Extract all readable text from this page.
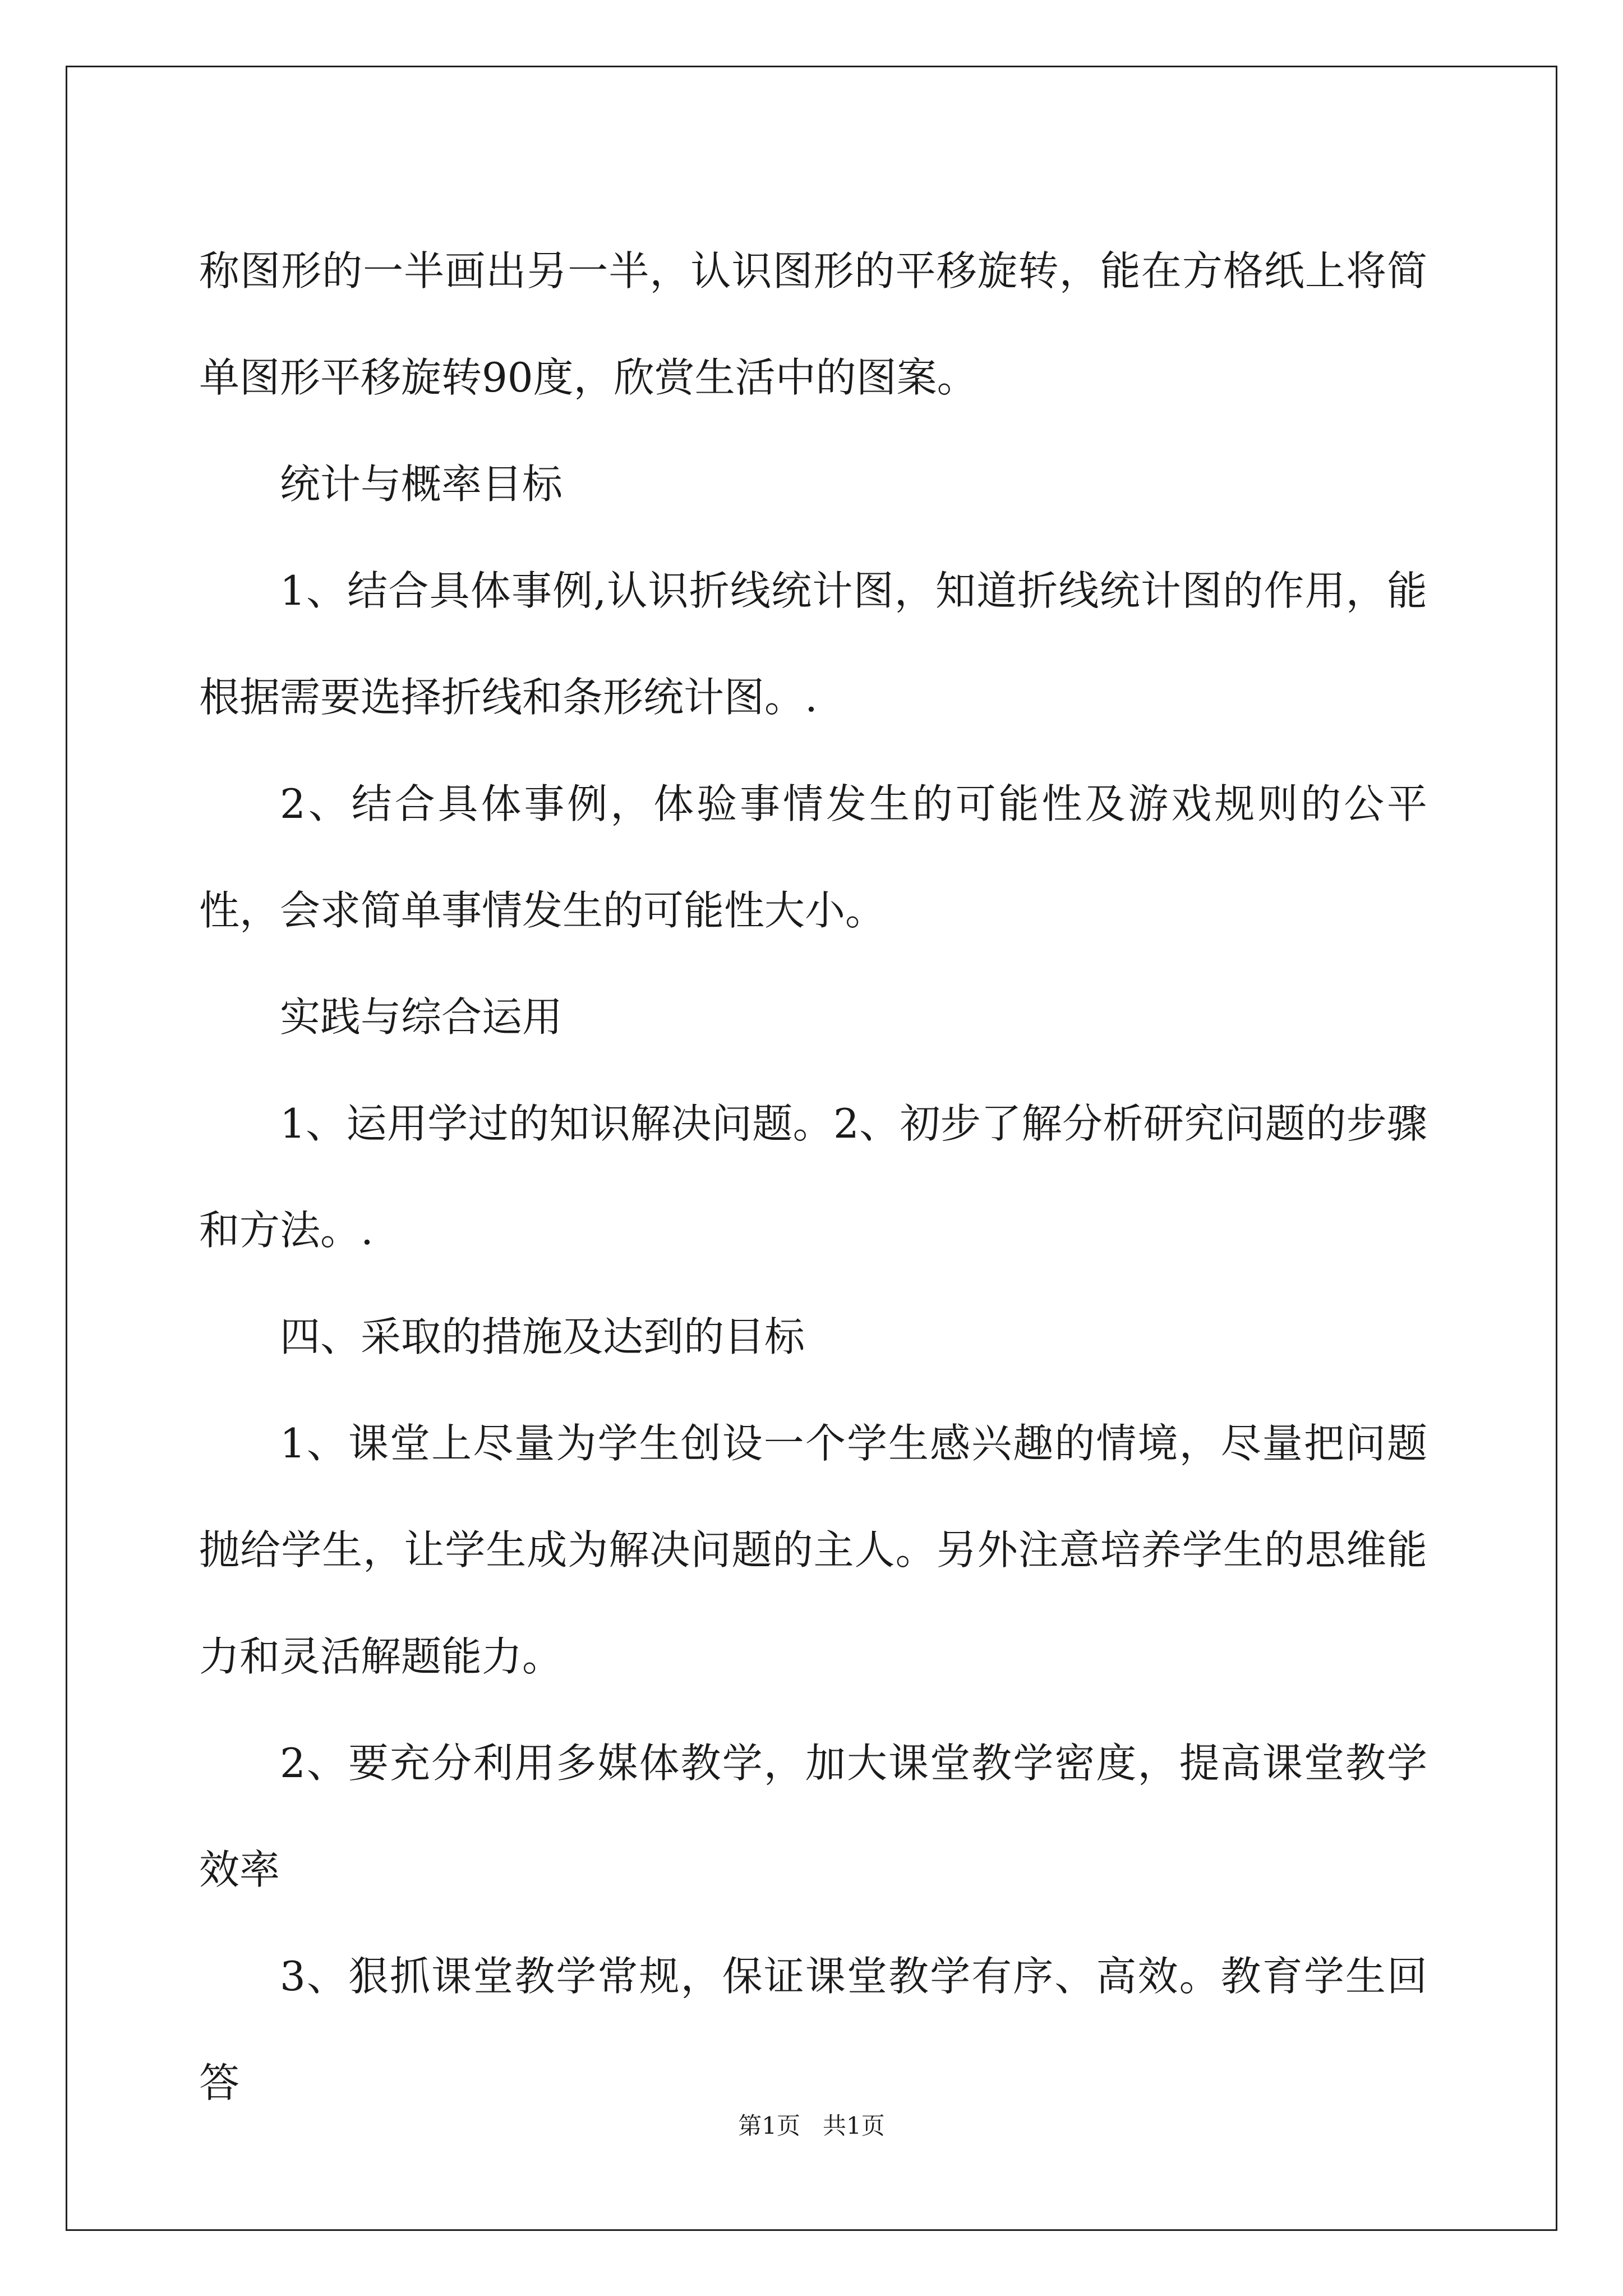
称图形的一半画出另一半，认识图形的平移旋转，能在方格纸上将简单图形平移旋转90度，欣赏生活中的图案。

统计与概率目标

1、结合具体事例,认识折线统计图，知道折线统计图的作用，能根据需要选择折线和条形统计图。.

2、结合具体事例，体验事情发生的可能性及游戏规则的公平性，会求简单事情发生的可能性大小。

实践与综合运用

1、运用学过的知识解决问题。2、初步了解分析研究问题的步骤和方法。.

四、采取的措施及达到的目标

1、课堂上尽量为学生创设一个学生感兴趣的情境，尽量把问题抛给学生，让学生成为解决问题的主人。另外注意培养学生的思维能力和灵活解题能力。

2、要充分利用多媒体教学，加大课堂教学密度，提高课堂教学效率

3、狠抓课堂教学常规，保证课堂教学有序、高效。教育学生回答

第1页   共1页
